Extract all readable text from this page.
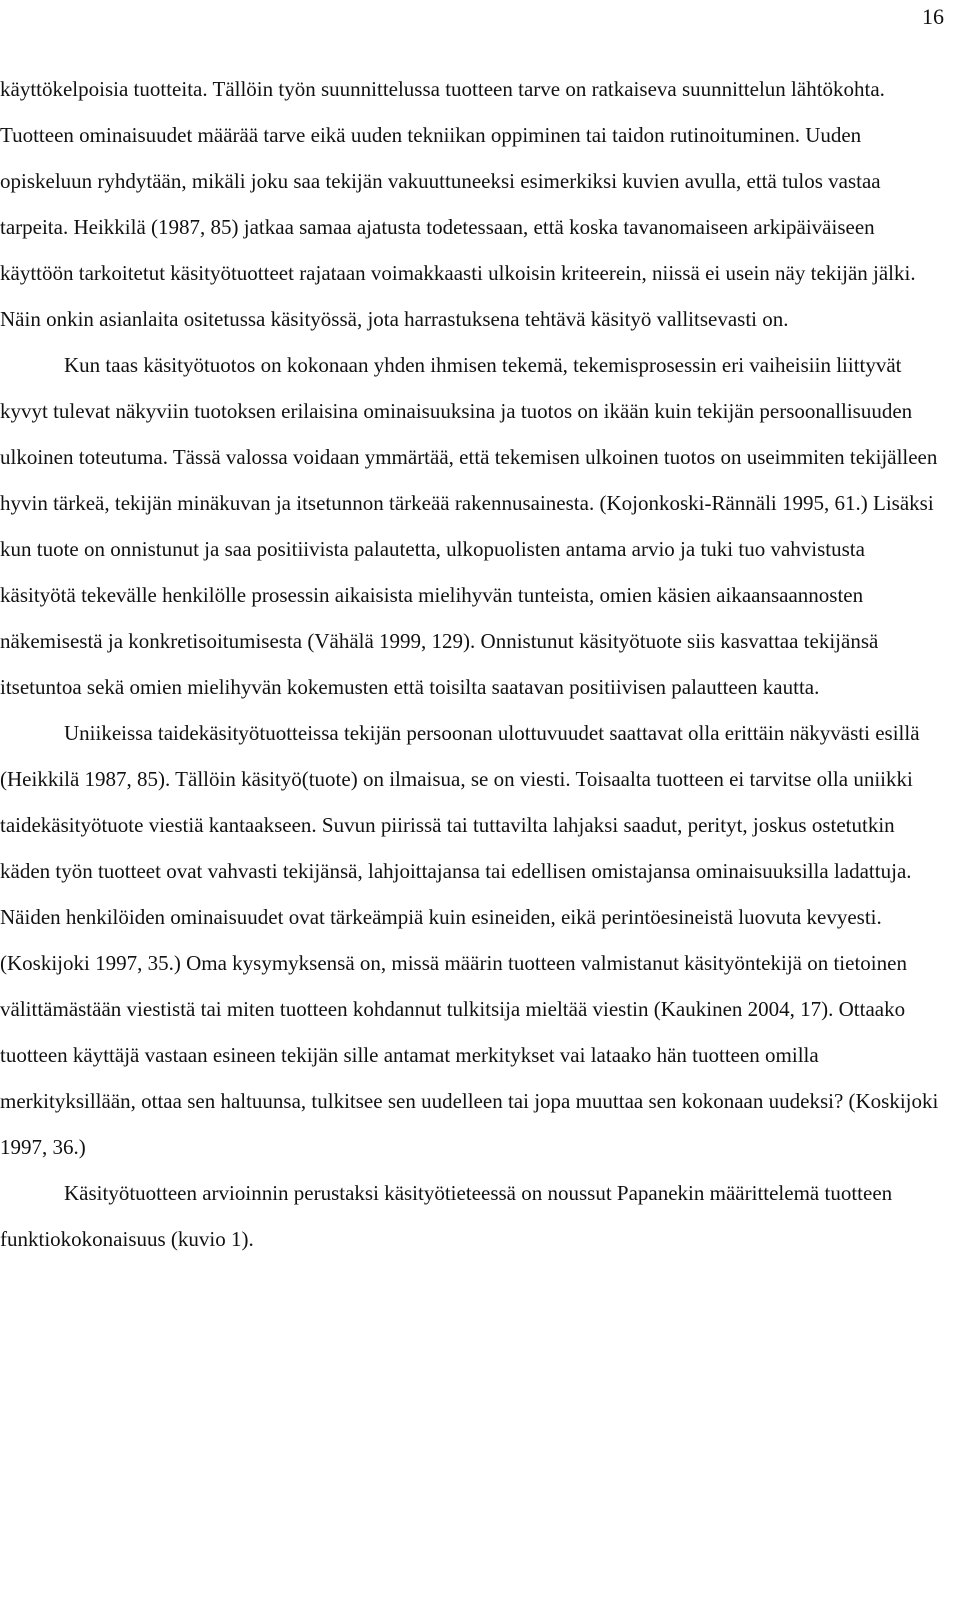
16

käyttökelpoisia tuotteita. Tällöin työn suunnittelussa tuotteen tarve on ratkaiseva suunnittelun lähtökohta. Tuotteen ominaisuudet määrää tarve eikä uuden tekniikan oppiminen tai taidon rutinoituminen. Uuden opiskeluun ryhdytään, mikäli joku saa tekijän vakuuttuneeksi esimerkiksi kuvien avulla, että tulos vastaa tarpeita. Heikkilä (1987, 85) jatkaa samaa ajatusta todetessaan, että koska tavanomaiseen arkipäiväiseen käyttöön tarkoitetut käsityötuotteet rajataan voimakkaasti ulkoisin kriteerein, niissä ei usein näy tekijän jälki. Näin onkin asianlaita ositetussa käsityössä, jota harrastuksena tehtävä käsityö vallitsevasti on.

Kun taas käsityötuotos on kokonaan yhden ihmisen tekemä, tekemisprosessin eri vaiheisiin liittyvät kyvyt tulevat näkyviin tuotoksen erilaisina ominaisuuksina ja tuotos on ikään kuin tekijän persoonallisuuden ulkoinen toteutuma. Tässä valossa voidaan ymmärtää, että tekemisen ulkoinen tuotos on useimmiten tekijälleen hyvin tärkeä, tekijän minäkuvan ja itsetunnon tärkeää rakennusainesta. (Kojonkoski-Rännäli 1995, 61.) Lisäksi kun tuote on onnistunut ja saa positiivista palautetta, ulkopuolisten antama arvio ja tuki tuo vahvistusta käsityötä tekevälle henkilölle prosessin aikaisista mielihyvän tunteista, omien käsien aikaansaannosten näkemisestä ja konkretisoitumisesta (Vähälä 1999, 129). Onnistunut käsityötuote siis kasvattaa tekijänsä itsetuntoa sekä omien mielihyvän kokemusten että toisilta saatavan positiivisen palautteen kautta.

Uniikeissa taidekäsityötuotteissa tekijän persoonan ulottuvuudet saattavat olla erittäin näkyvästi esillä (Heikkilä 1987, 85). Tällöin käsityö(tuote) on ilmaisua, se on viesti. Toisaalta tuotteen ei tarvitse olla uniikki taidekäsityötuote viestiä kantaakseen. Suvun piirissä tai tuttavilta lahjaksi saadut, perityt, joskus ostetutkin käden työn tuotteet ovat vahvasti tekijänsä, lahjoittajansa tai edellisen omistajansa ominaisuuksilla ladattuja. Näiden henkilöiden ominaisuudet ovat tärkeämpiä kuin esineiden, eikä perintöesineistä luovuta kevyesti. (Koskijoki 1997, 35.) Oma kysymyksensä on, missä määrin tuotteen valmistanut käsityöntekijä on tietoinen välittämästään viestistä tai miten tuotteen kohdannut tulkitsija mieltää viestin (Kaukinen 2004, 17). Ottaako tuotteen käyttäjä vastaan esineen tekijän sille antamat merkitykset vai lataako hän tuotteen omilla merkityksillään, ottaa sen haltuunsa, tulkitsee sen uudelleen tai jopa muuttaa sen kokonaan uudeksi? (Koskijoki 1997, 36.)

Käsityötuotteen arvioinnin perustaksi käsityötieteessä on noussut Papanekin määrittelemä tuotteen funktiokokonaisuus (kuvio 1).
